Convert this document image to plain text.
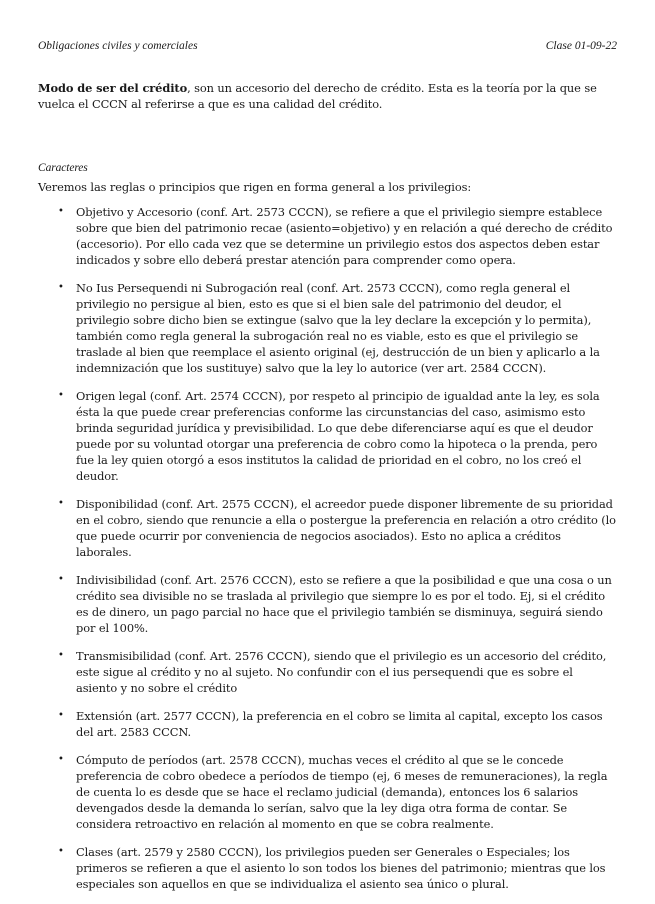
Obligaciones civiles y comerciales	Clase 01-09-22

Modo de ser del crédito, son un accesorio del derecho de crédito. Esta es la teoría por la que se vuelca el CCCN al referirse a que es una calidad del crédito.

Caracteres

Veremos las reglas o principios que rigen en forma general a los privilegios:

• Objetivo y Accesorio (conf. Art. 2573 CCCN), se refiere a que el privilegio siempre establece sobre que bien del patrimonio recae (asiento=objetivo) y en relación a qué derecho de crédito (accesorio). Por ello cada vez que se determine un privilegio estos dos aspectos deben estar indicados y sobre ello deberá prestar atención para comprender como opera.
• No Ius Persequendi ni Subrogación real (conf. Art. 2573 CCCN), como regla general el privilegio no persigue al bien, esto es que si el bien sale del patrimonio del deudor, el privilegio sobre dicho bien se extingue (salvo que la ley declare la excepción y lo permita), también como regla general la subrogación real no es viable, esto es que el privilegio se traslade al bien que reemplace el asiento original (ej, destrucción de un bien y aplicarlo a la indemnización que los sustituye) salvo que la ley lo autorice (ver art. 2584 CCCN).
• Origen legal (conf. Art. 2574 CCCN), por respeto al principio de igualdad ante la ley, es sola ésta la que puede crear preferencias conforme las circunstancias del caso, asimismo esto brinda seguridad jurídica y previsibilidad. Lo que debe diferenciarse aquí es que el deudor puede por su voluntad otorgar una preferencia de cobro como la hipoteca o la prenda, pero fue la ley quien otorgó a esos institutos la calidad de prioridad en el cobro, no los creó el deudor.
• Disponibilidad (conf. Art. 2575 CCCN), el acreedor puede disponer libremente de su prioridad en el cobro, siendo que renuncie a ella o postergue la preferencia en relación a otro crédito (lo que puede ocurrir por conveniencia de negocios asociados). Esto no aplica a créditos laborales.
• Indivisibilidad (conf. Art. 2576 CCCN), esto se refiere a que la posibilidad e que una cosa o un crédito sea divisible no se traslada al privilegio que siempre lo es por el todo. Ej, si el crédito es de dinero, un pago parcial no hace que el privilegio también se disminuya, seguirá siendo por el 100%.
• Transmisibilidad (conf. Art. 2576 CCCN), siendo que el privilegio es un accesorio del crédito, este sigue al crédito y no al sujeto. No confundir con el ius persequendi que es sobre el asiento y no sobre el crédito
• Extensión (art. 2577 CCCN), la preferencia en el cobro se limita al capital, excepto los casos del art. 2583 CCCN.
• Cómputo de períodos (art. 2578 CCCN), muchas veces el crédito al que se le concede preferencia de cobro obedece a períodos de tiempo (ej, 6 meses de remuneraciones), la regla de cuenta lo es desde que se hace el reclamo judicial (demanda), entonces los 6 salarios devengados desde la demanda lo serían, salvo que la ley diga otra forma de contar. Se considera retroactivo en relación al momento en que se cobra realmente.
• Clases (art. 2579 y 2580 CCCN), los privilegios pueden ser Generales o Especiales; los primeros se refieren a que el asiento lo son todos los bienes del patrimonio; mientras que los especiales son aquellos en que se individualiza el asiento sea único o plural.
